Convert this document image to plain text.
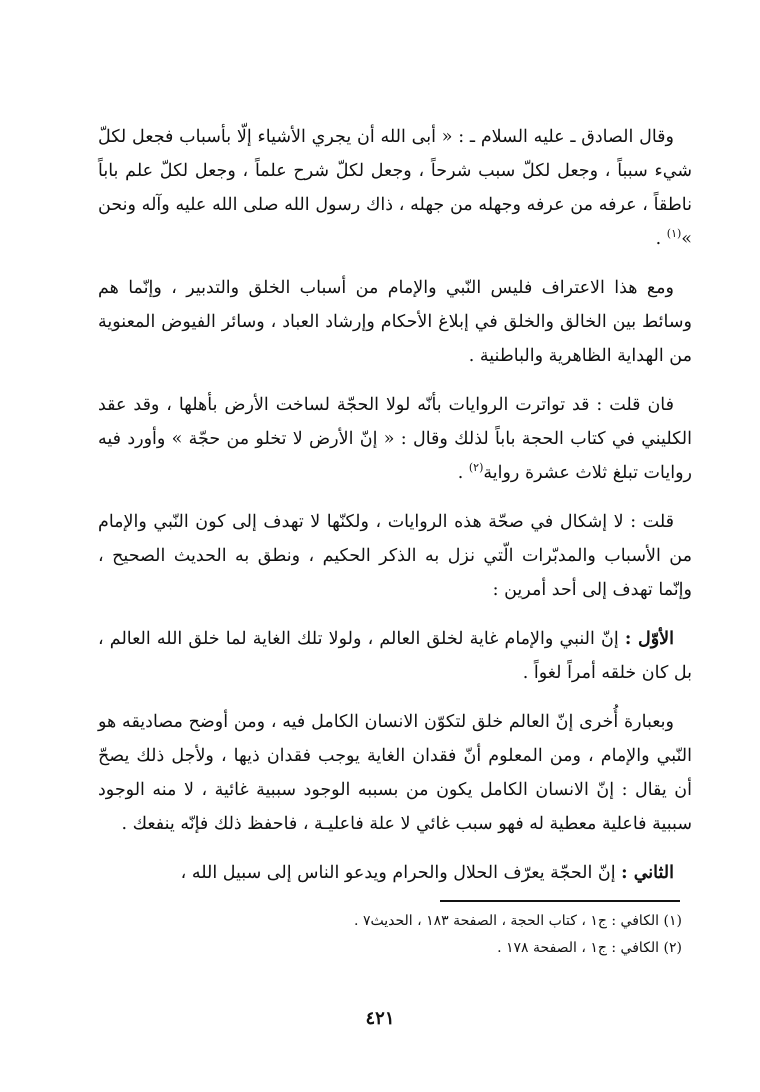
وقال الصادق ـ عليه السلام ـ : « أبى الله أن يجري الأشياء إلّا بأسباب فجعل لكلّ شيء سبباً ، وجعل لكلّ سبب شرحاً ، وجعل لكلّ شرح علماً ، وجعل لكلّ علم باباً ناطقاً ، عرفه من عرفه وجهله من جهله ، ذاك رسول الله صلى الله عليه وآله ونحن »$^{(١)}$ .

ومع هذا الاعتراف فليس النّبي والإمام من أسباب الخلق والتدبير ، وإنّما هم وسائط بين الخالق والخلق في إبلاغ الأحكام وإرشاد العباد ، وسائر الفيوض المعنوية من الهداية الظاهرية والباطنية .

فان قلت : قد تواترت الروايات بأنّه لولا الحجّة لساخت الأرض بأهلها ، وقد عقد الكليني في كتاب الحجة باباً لذلك وقال : « إنّ الأرض لا تخلو من حجّة » وأورد فيه روايات تبلغ ثلاث عشرة رواية$^{(٢)}$ .

قلت : لا إشكال في صحّة هذه الروايات ، ولكنّها لا تهدف إلى كون النّبي والإمام من الأسباب والمدبّرات الّتي نزل به الذكر الحكيم ، ونطق به الحديث الصحيح ، وإنّما تهدف إلى أحد أمرين :

الأوّل : إنّ النبي والإمام غاية لخلق العالم ، ولولا تلك الغاية لما خلق الله العالم ، بل كان خلقه أمراً لغواً .

وبعبارة أُخرى إنّ العالم خلق لتكوّن الانسان الكامل فيه ، ومن أوضح مصاديقه هو النّبي والإمام ، ومن المعلوم أنّ فقدان الغاية يوجب فقدان ذيها ، ولأجل ذلك يصحّ أن يقال : إنّ الانسان الكامل يكون من بسببه الوجود سببية غائية ، لا منه الوجود سببية فاعلية معطية له فهو سبب غائي لا علة فاعليـة ، فاحفظ ذلك فإنّه ينفعك .

الثاني : إنّ الحجّة يعرّف الحلال والحرام ويدعو الناس إلى سبيل الله ،

(١) الكافي : ج١ ، كتاب الحجة ، الصفحة ١٨٣ ، الحديث٧ .

(٢) الكافي : ج١ ، الصفحة ١٧٨ .

٤٢١
